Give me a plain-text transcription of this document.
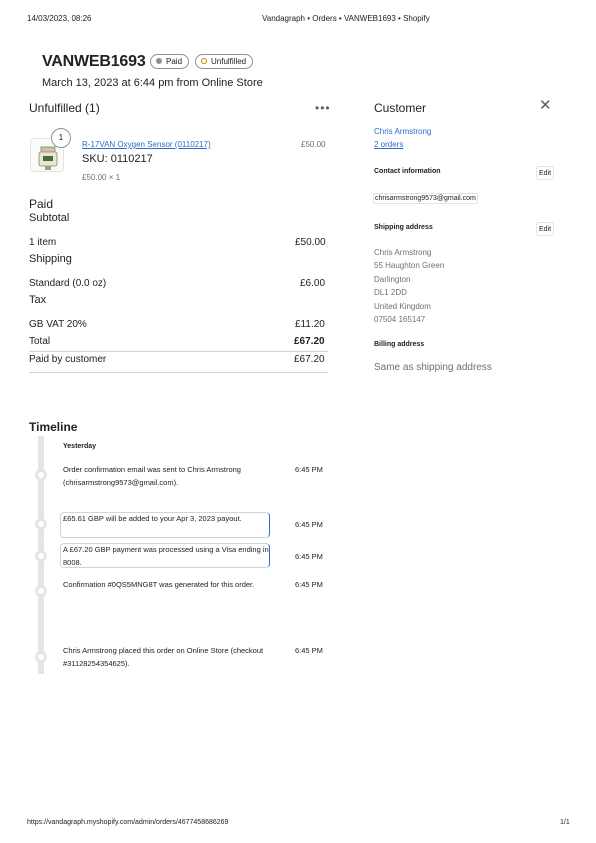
14/03/2023, 08:26	Vandagraph • Orders • VANWEB1693 • Shopify
VANWEB1693	Paid	Unfulfilled
March 13, 2023 at 6:44 pm from Online Store
Unfulfilled (1)	•••
1
R-17VAN Oxygen Sensor (0110217)	£50.00
SKU: 0110217
£50.00 × 1
Paid
Subtotal
1 item	£50.00
Shipping
Standard (0.0 oz)	£6.00
Tax
GB VAT 20%	£11.20
Total	£67.20
Paid by customer	£67.20
Customer	✕
Chris Armstrong
2 orders
Contact information	Edit
chrisarmstrong9573@gmail.com
Shipping address	Edit
Chris Armstrong
55 Haughton Green
Darlington
DL1 2DD
United Kingdom
07504 165147
Billing address
Same as shipping address
Timeline
Yesterday
Order confirmation email was sent to Chris Armstrong (chrisarmstrong9573@gmail.com).
6:45 PM
£65.61 GBP will be added to your Apr 3, 2023 payout.
6:45 PM
A £67.20 GBP payment was processed using a Visa ending in 8008.
6:45 PM
Confirmation #0QS5MNG8T was generated for this order.	6:45 PM
Chris Armstrong placed this order on Online Store (checkout #31128254354625).
6:45 PM
https://vandagraph.myshopify.com/admin/orders/4677458686269	1/1
